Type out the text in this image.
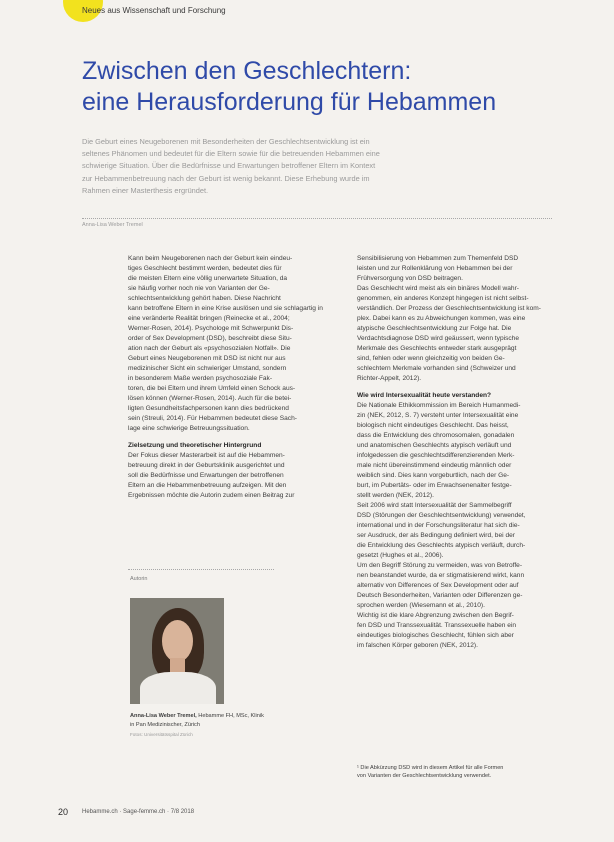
Neues aus Wissenschaft und Forschung
Zwischen den Geschlechtern:
eine Herausforderung für Hebammen
Die Geburt eines Neugeborenen mit Besonderheiten der Geschlechtsentwicklung ist ein
seltenes Phänomen und bedeutet für die Eltern sowie für die betreuenden Hebammen eine
schwierige Situation. Über die Bedürfnisse und Erwartungen betroffener Eltern im Kontext
zur Hebammenbetreuung nach der Geburt ist wenig bekannt. Diese Erhebung wurde im
Rahmen einer Masterthesis ergründet.
Anna-Lisa Weber Tremel
Kann beim Neugeborenen nach der Geburt kein eindeu-
tiges Geschlecht bestimmt werden, bedeutet dies für
die meisten Eltern eine völlig unerwartete Situation, da
sie häufig vorher noch nie von Varianten der Ge-
schlechtsentwicklung gehört haben. Diese Nachricht
kann betroffene Eltern in eine Krise auslösen und sie schlagartig in
eine veränderte Realität bringen (Reinecke et al., 2004;
Werner-Rosen, 2014). Psychologe mit Schwerpunkt Dis-
order of Sex Development (DSD), beschreibt diese Situ-
ation nach der Geburt als «psychosozialen Notfall». Die
Geburt eines Neugeborenen mit DSD ist nicht nur aus
medizinischer Sicht ein schwieriger Umstand, sondern
in besonderem Maße werden psychosoziale Fak-
toren, die bei Eltern und ihrem Umfeld einen Schock aus-
lösen können (Werner-Rosen, 2014). Auch für die betei-
ligten Gesundheitsfachpersonen kann dies bedrückend
sein (Streuli, 2014). Für Hebammen bedeutet diese Sach-
lage eine schwierige Betreuungssituation.
Zielsetzung und theoretischer Hintergrund
Der Fokus dieser Masterarbeit ist auf die Hebammen-
betreuung direkt in der Geburtsklinik ausgerichtet und
soll die Bedürfnisse und Erwartungen der betroffenen
Eltern an die Hebammenbetreuung aufzeigen. Mit den
Ergebnissen möchte die Autorin zudem einen Beitrag zur
Sensibilisierung von Hebammen zum Themenfeld DSD
leisten und zur Rollenklärung von Hebammen bei der
Frühversorgung von DSD beitragen.
Das Geschlecht wird meist als ein binäres Modell wahr-
genommen, ein anderes Konzept hingegen ist nicht selbst-
verständlich. Der Prozess der Geschlechtsentwicklung ist kom-
plex. Dabei kann es zu Abweichungen kommen, was eine
atypische Geschlechtsentwicklung zur Folge hat. Die
Verdachtsdiagnose DSD wird geäussert, wenn typische
Merkmale des Geschlechts entweder stark ausgeprägt
sind, fehlen oder wenn gleichzeitig von beiden Ge-
schlechtern Merkmale vorhanden sind (Schweizer und
Richter-Appelt, 2012).
Wie wird Intersexualität heute verstanden?
Die Nationale Ethikkommission im Bereich Humanmedi-
zin (NEK, 2012, S. 7) versteht unter Intersexualität eine
biologisch nicht eindeutiges Geschlecht. Das heisst,
dass die Entwicklung des chromosomalen, gonadalen
und anatomischen Geschlechts atypisch verläuft und
infolgedessen die geschlechtsdifferenzierenden Merk-
male nicht übereinstimmend eindeutig männlich oder
weiblich sind. Dies kann vorgeburtlich, nach der Ge-
burt, im Pubertäts- oder im Erwachsenenalter festge-
stellt werden (NEK, 2012).
Seit 2006 wird statt Intersexualität der Sammelbegriff
DSD (Störungen der Geschlechtsentwicklung) verwendet,
international und in der Forschungsliteratur hat sich die-
ser Ausdruck, der als Bedingung definiert wird, bei der
die Entwicklung des Geschlechts atypisch verläuft, durch-
gesetzt (Hughes et al., 2006).
Um den Begriff Störung zu vermeiden, was von Betroffe-
nen beanstandet wurde, da er stigmatisierend wirkt, kann
alternativ von Differences of Sex Development oder auf
Deutsch Besonderheiten, Varianten oder Differenzen ge-
sprochen werden (Wiesemann et al., 2010).
Wichtig ist die klare Abgrenzung zwischen den Begrif-
fen DSD und Transsexualität. Transsexuelle haben ein
eindeutiges biologisches Geschlecht, fühlen sich aber
im falschen Körper geboren (NEK, 2012).
Autorin
Anna-Lisa Weber Tremel, Hebamme FH, MSc, Klinik
in Pan Medizinischer, Zürich
Fotos: Universitätsspital Zürich
¹ Die Abkürzung DSD wird in diesem Artikel für alle Formen
von Varianten der Geschlechtsentwicklung verwendet.
20 Hebamme.ch · Sage-femme.ch · 7/8 2018
